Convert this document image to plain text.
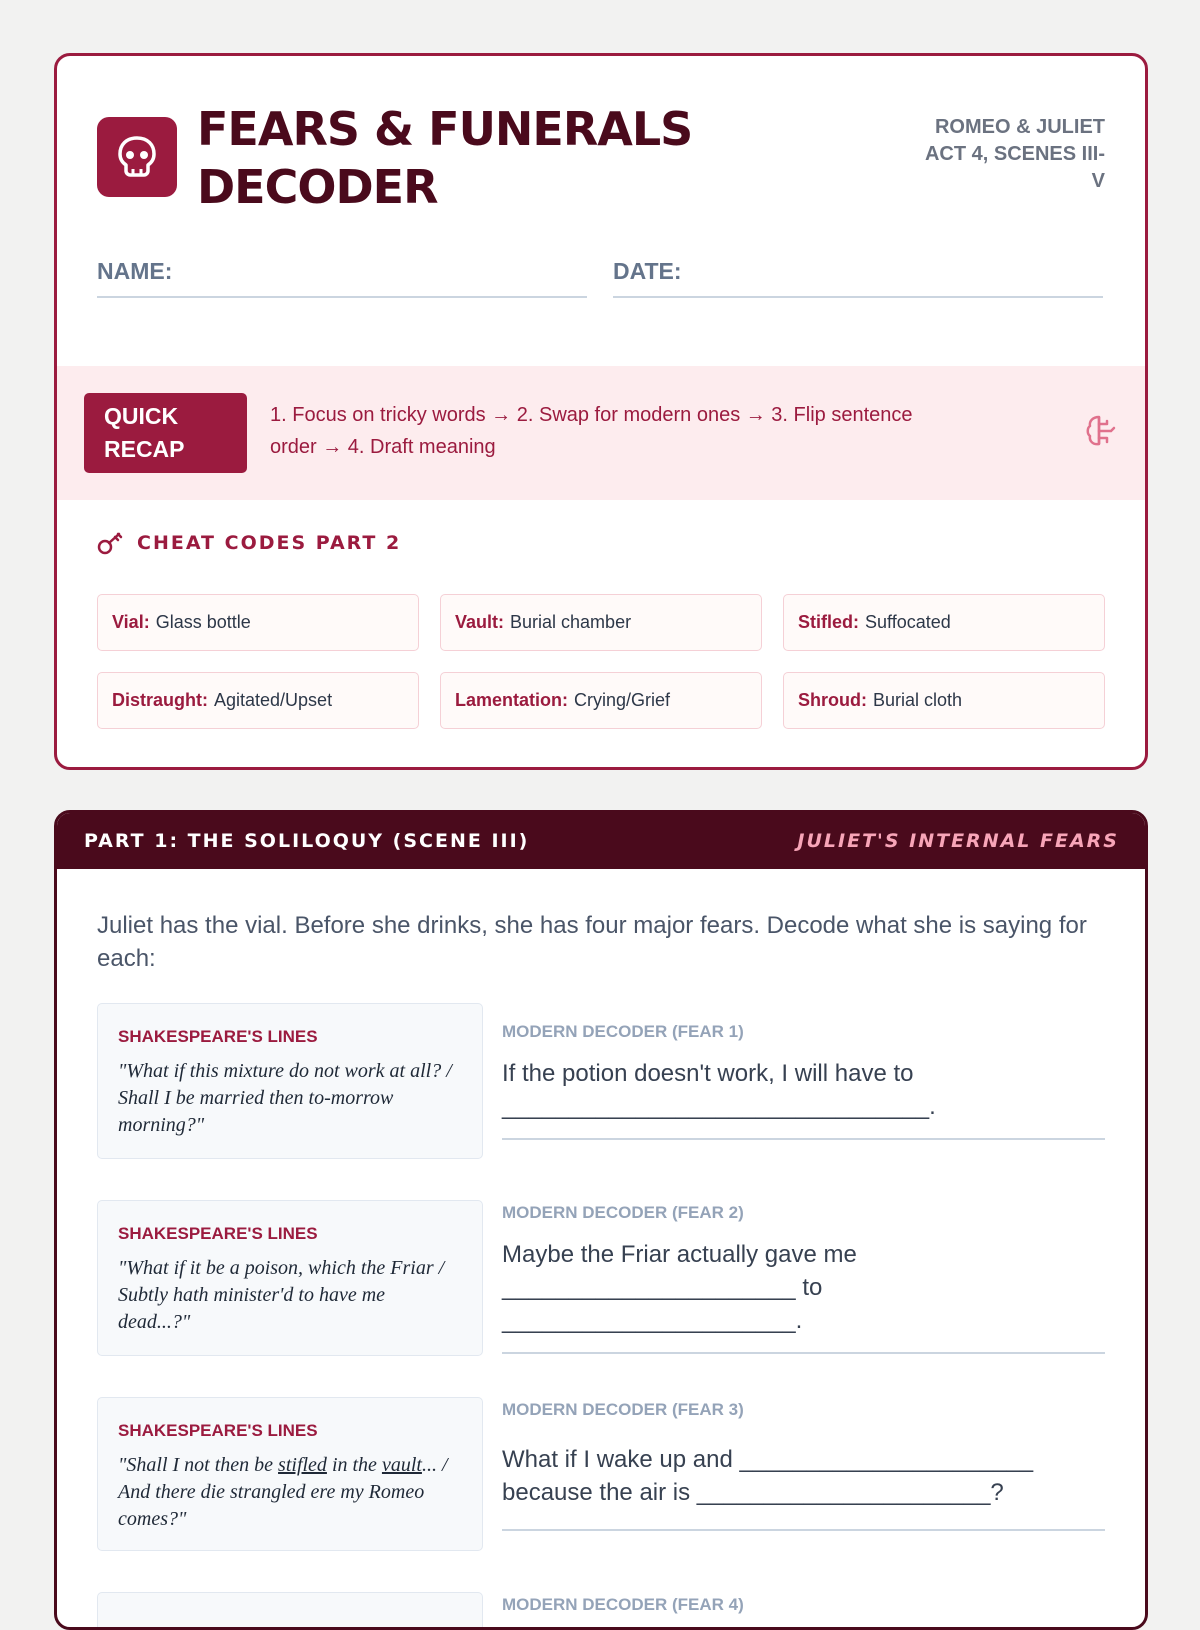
FEARS & FUNERALS
DECODER
ROMEO & JULIET
ACT 4, SCENES III-
V
NAME:	DATE:
QUICK
RECAP
1. Focus on tricky words → 2. Swap for modern ones → 3. Flip sentence
order → 4. Draft meaning
CHEAT CODES PART 2
Vial: Glass bottle	Vault: Burial chamber	Stifled: Suffocated
Distraught: Agitated/Upset	Lamentation: Crying/Grief	Shroud: Burial cloth
PART 1: THE SOLILOQUY (SCENE III)	JULIET'S INTERNAL FEARS
Juliet has the vial. Before she drinks, she has four major fears. Decode what she is saying for each:
SHAKESPEARE'S LINES
"What if this mixture do not work at all? / Shall I be married then to-morrow morning?"
MODERN DECODER (FEAR 1)
If the potion doesn't work, I will have to ________________________________.
SHAKESPEARE'S LINES
"What if it be a poison, which the Friar / Subtly hath minister'd to have me dead...?"
MODERN DECODER (FEAR 2)
Maybe the Friar actually gave me ______________________ to ______________________.
SHAKESPEARE'S LINES
"Shall I not then be stifled in the vault... / And there die strangled ere my Romeo comes?"
MODERN DECODER (FEAR 3)
What if I wake up and ______________________ because the air is ______________________?
MODERN DECODER (FEAR 4)
